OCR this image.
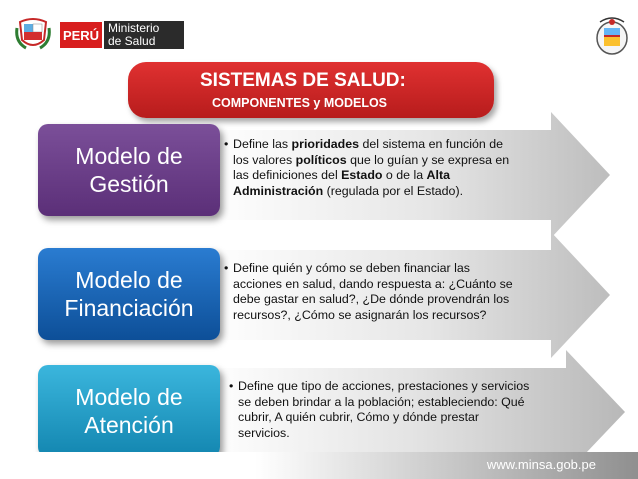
PERÚ Ministerio
de Salud
SISTEMAS DE SALUD:
COMPONENTES y MODELOS
Modelo de
Gestión
• Define las prioridades del sistema en función de
los valores políticos que lo guían y se expresa en
las definiciones del Estado o de la Alta
Administración (regulada por el Estado).
Modelo de
Financiación
• Define quién y cómo se deben financiar las
acciones en salud, dando respuesta a: ¿Cuánto se
debe gastar en salud?, ¿De dónde provendrán los
recursos?, ¿Cómo se asignarán los recursos?
Modelo de
Atención
• Define que tipo de acciones, prestaciones y servicios
se deben brindar a la población; estableciendo: Qué
cubrir, A quién cubrir, Cómo y dónde prestar
servicios.
www.minsa.gob.pe
